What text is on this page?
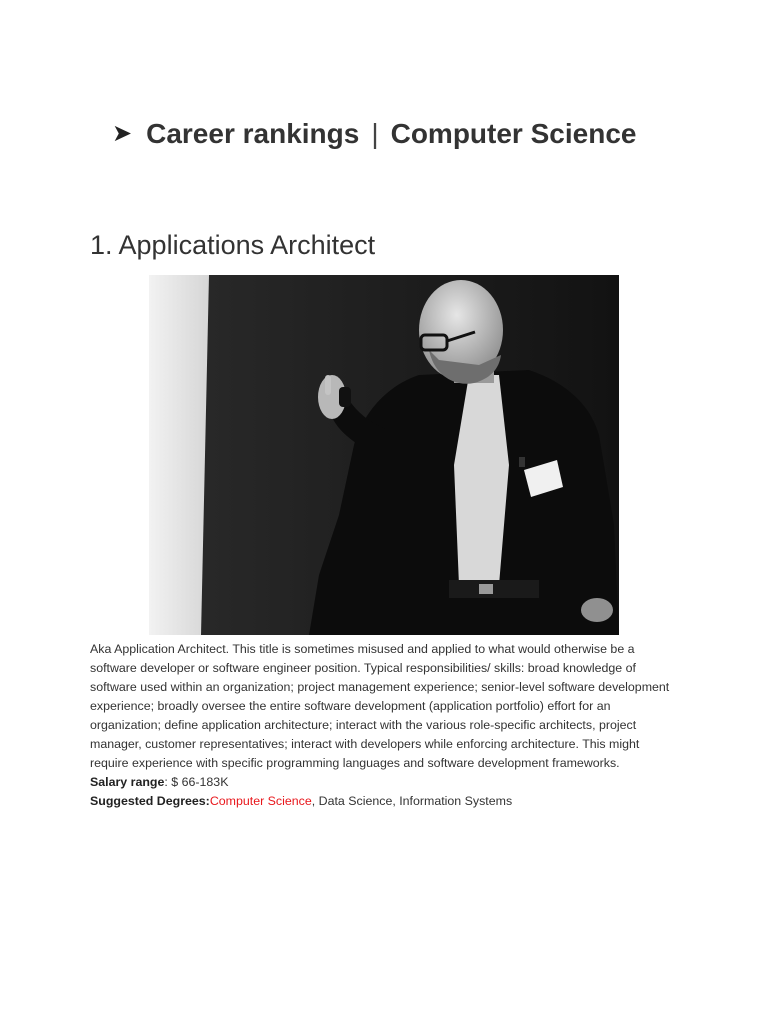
➤ Career rankings | Computer Science
1. Applications Architect

Aka Application Architect. This title is sometimes misused and applied to what would otherwise be a
software developer or software engineer position. Typical responsibilities/ skills: broad knowledge of
software used within an organization; project management experience; senior-level software development
experience; broadly oversee the entire software development (application portfolio) effort for an
organization; define application architecture; interact with the various role-specific architects, project
manager, customer representatives; interact with developers while enforcing architecture. This might
require experience with specific programming languages and software development frameworks.

Salary range: $ 66-183K

Suggested Degrees:Computer Science, Data Science, Information Systems
